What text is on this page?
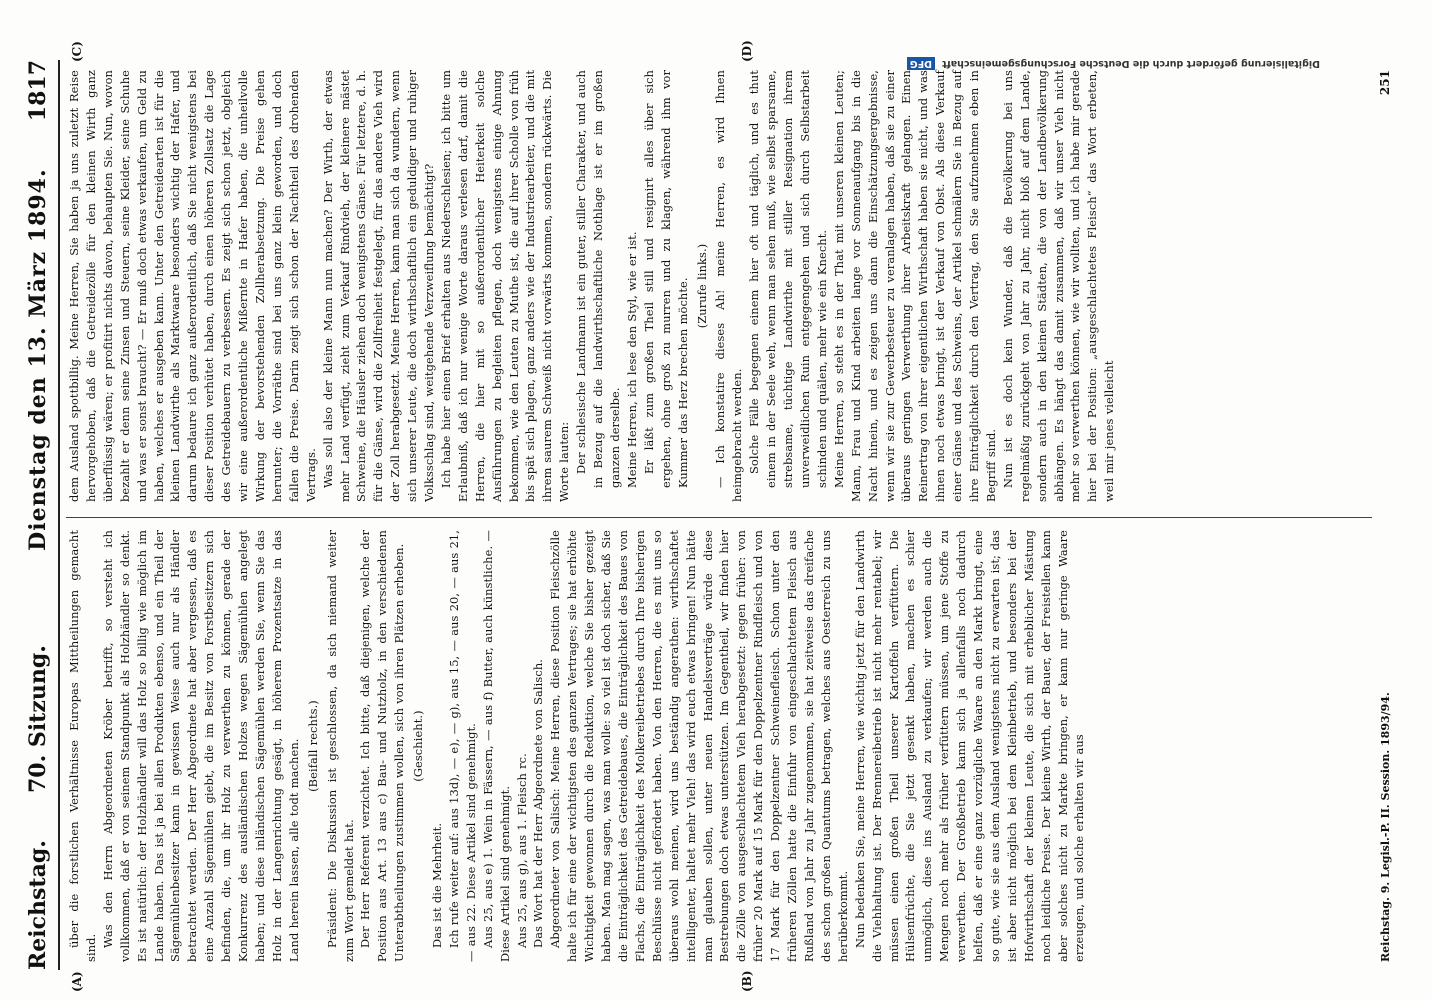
Reichstag.
70. Sitzung.
Dienstag den 13. März 1894.
1817
(A)	(B)
(C)	(D)

über die forstlichen Verhältnisse Europas Mittheilungen gemacht sind. Was den Herrn Abgeordneten Kröber betrifft, so versteht ich vollkommen, daß er von seinem Standpunkt als Holzhändler so denkt. Es ist natürlich: der Holzhändler will das Holz so billig wie möglich im Lande haben. Das ist ja bei allen Produkten ebenso, und ein Theil der Sägemühlenbesitzer kann in gewissen Weise auch nur als Händler betrachtet werden. Der Herr Abgeordnete hat aber vergessen, daß es eine Anzahl Sägemühlen giebt, die im Besitz von Forstbesitzern sich befinden, die, um ihr Holz zu verwerthen zu können, gerade der Konkurrenz des ausländischen Holzes wegen Sägemühlen angelegt haben; und diese inländischen Sägemühlen werden Sie, wenn Sie das Holz in der Langenrichtung gesägt, in höherem Prozentsatze in das Land herein lassen, alle todt machen. (Beifall rechts.) Präsident: Die Diskussion ist geschlossen, da sich niemand weiter zum Wort gemeldet hat. Der Herr Referent verzichtet. Ich bitte, daß diejenigen, welche der Position aus Art. 13 aus c) Bau- und Nutzholz, in den verschiedenen Unterabtheilungen zustimmen wollen, sich von ihren Plätzen erheben. (Geschieht.)

Das ist die Mehrheit. Ich rufe weiter auf: aus 13d), — e), — g), aus 15, — aus 20, — aus 21, — aus 22. Diese Artikel sind genehmigt. Aus 25, aus e) 1. Wein in Fässern, — aus f) Butter, auch künstliche. — Diese Artikel sind genehmigt. Aus 25, aus g), aus 1. Fleisch rc. Das Wort hat der Herr Abgeordnete von Salisch. Abgeordneter von Salisch: Meine Herren, diese Position Fleischzölle halte ich für eine der wichtigsten des ganzen Vertrages; sie hat erhöhte Wichtigkeit gewonnen durch die Reduktion, welche Sie bisher gezeigt haben. Man mag sagen, was man wolle: so viel ist doch sicher, daß Sie die Einträglichkeit des Getreidebaues, die Einträglichkeit des Baues von Flachs, die Einträglichkeit des Molkereibetriebes durch Ihre bisherigen Beschlüsse nicht gefördert haben. Von den Herren, die es mit uns so überaus wohl meinen, wird uns beständig angerathen: wirthschaftet intelligenter, haltet mehr Vieh! das wird euch etwas bringen! Nun hätte man glauben sollen, unter neuen Handelsverträge würde diese Bestrebungen doch etwas unterstützen. Im Gegentheil, wir finden hier die Zölle von ausgeschlachtetem Vieh herabgesetzt: gegen früher: von früher 20 Mark auf 15 Mark für den Doppelzentner Rindfleisch und von 17 Mark für den Doppelzentner Schweinefleisch. Schon unter den früheren Zöllen hatte die Einfuhr von eingeschlachtetem Fleisch aus Rußland von Jahr zu Jahr zugenommen, sie hat zeitweise das dreifache des schon großen Quantums betragen, welches aus Oesterreich zu uns herüberkommt. Nun bedenken Sie, meine Herren, wie wichtig jetzt für den Landwirth die Viehhaltung ist. Der Brennereibetrieb ist nicht mehr rentabel; wir müssen einen großen Theil unserer Kartoffeln verfüttern. Die Hülsenfrüchte, die Sie jetzt gesenkt haben, machen es schier unmöglich, diese ins Ausland zu verkaufen; wir werden auch die Mengen noch mehr als früher verfüttern müssen, um jene Stoffe zu verwerthen. Der Großbetrieb kann sich ja allenfalls noch dadurch helfen, daß er eine ganz vorzügliche Waare an den Markt bringt, eine so gute, wie sie aus dem Ausland wenigstens nicht zu erwarten ist; das ist aber nicht möglich bei dem Kleinbetrieb, und besonders bei der Hofwirthschaft der kleinen Leute, die sich mit erheblicher Mästung noch leidliche Preise. Der kleine Wirth, der Bauer, der Freistellen kann aber solches nicht zu Markte bringen, er kann nur geringe Waare erzeugen, und solche erhalten wir aus

dem Ausland spottbillig. Meine Herren, Sie haben ja uns zuletzt Reise hervorgehoben, daß die Getreidezölle für den kleinen Wirth ganz überflüssig wären; er profitirt nichts davon, behaupten Sie. Nun, wovon bezahlt er denn seine Zinsen und Steuern, seine Kleider, seine Schuhe und was er sonst braucht? — Er muß doch etwas verkaufen, um Geld zu haben, welches er ausgeben kann. Unter den Getreidearten ist für die kleinen Landwirthe als Marktwaare besonders wichtig der Hafer, und darum bedaure ich ganz außerordentlich, daß Sie nicht wenigstens bei dieser Position verhütet haben, durch einen höheren Zollsatz die Lage des Getreidebauern zu verbessern. Es zeigt sich schon jetzt, obgleich wir eine außerordentliche Mißernte in Hafer haben, die unheilvolle Wirkung der bevorstehenden Zollherabsetzung. Die Preise gehen herunter; die Vorräthe sind bei uns ganz klein geworden, und doch fallen die Preise. Darin zeigt sich schon der Nachtheil des drohenden Vertrags. Was soll also der kleine Mann nun machen? Der Wirth, der etwas mehr Land verfügt, zieht zum Verkauf Rindvieh, der kleinere mästet Schweine, die Häusler ziehen doch wenigstens Gänse. Für letztere, d. h. für die Gänse, wird die Zollfreiheit festgelegt, für das andere Vieh wird der Zoll herabgesetzt. Meine Herren, kann man sich da wundern, wenn sich unserer Leute, die doch wirthschaftlich ein geduldiger und ruhiger Volksschlag sind, weitgehende Verzweiflung bemächtigt? Ich habe hier einen Brief erhalten aus Niederschlesien; ich bitte um Erlaubniß, daß ich nur wenige Worte daraus verlesen darf, damit die Herren, die hier mit so außerordentlicher Heiterkeit solche Ausführungen zu begleiten pflegen, doch wenigstens einige Ahnung bekommen, wie den Leuten zu Muthe ist, die auf ihrer Scholle von früh bis spät sich plagen, ganz anders wie der Industriearbeiter, und die mit ihrem saurem Schweiß nicht vorwärts kommen, sondern rückwärts. Die Worte lauten: Der schlesische Landmann ist ein guter, stiller Charakter, und auch in Bezug auf die landwirthschaftliche Nothlage ist er im großen ganzen derselbe. Meine Herren, ich lese den Styl, wie er ist. Er läßt zum großen Theil still und resignirt alles über sich ergehen, ohne groß zu murren und zu klagen, während ihm vor Kummer das Herz brechen möchte. (Zurufe links.) — Ich konstatire dieses Ah! meine Herren, es wird Ihnen heimgebracht werden. Solche Fälle begegnen einem hier oft und täglich, und es thut einem in der Seele weh, wenn man sehen muß, wie selbst sparsame, strebsame, tüchtige Landwirthe mit stiller Resignation ihrem unverweidlichen Ruin entgegengehen und sich durch Selbstarbeit schinden und quälen, mehr wie ein Knecht. Meine Herren, so steht es in der That mit unseren kleinen Leuten; Mann, Frau und Kind arbeiten lange vor Sonnenaufgang bis in die Nacht hinein, und es zeigen uns dann die Einschätzungsergebnisse, wenn wir sie zur Gewerbesteuer zu veranlagen haben, daß sie zu einer überaus geringen Verwerthung ihrer Arbeitskraft gelangen. Einen Reinertrag von ihrer eigentlichen Wirthschaft haben sie nicht, und was ihnen noch etwas bringt, ist der Verkauf von Obst. Als diese Verkauf einer Gänse und des Schweins, der Artikel schmälern Sie in Bezug auf ihre Einträglichkeit durch den Vertrag, den Sie aufzunehmen eben in Begriff sind. Nun ist es doch kein Wunder, daß die Bevölkerung bei uns regelmäßig zurückgeht von Jahr zu Jahr, nicht bloß auf dem Lande, sondern auch in den kleinen Städten, die von der Landbevölkerung abhängen. Es hängt das damit zusammen, daß wir unser Vieh nicht mehr so verwerthen können, wie wir wollten, und ich habe mir gerade hier bei der Position: „ausgeschlachtetes Fleisch“ das Wort erbeten, weil mir jenes vielleicht

Reichstag. 9. Legisl.-P. II. Session. 1893/94.
251
Digitalisierung gefördert durch die Deutsche Forschungsgemeinschaft DFG
